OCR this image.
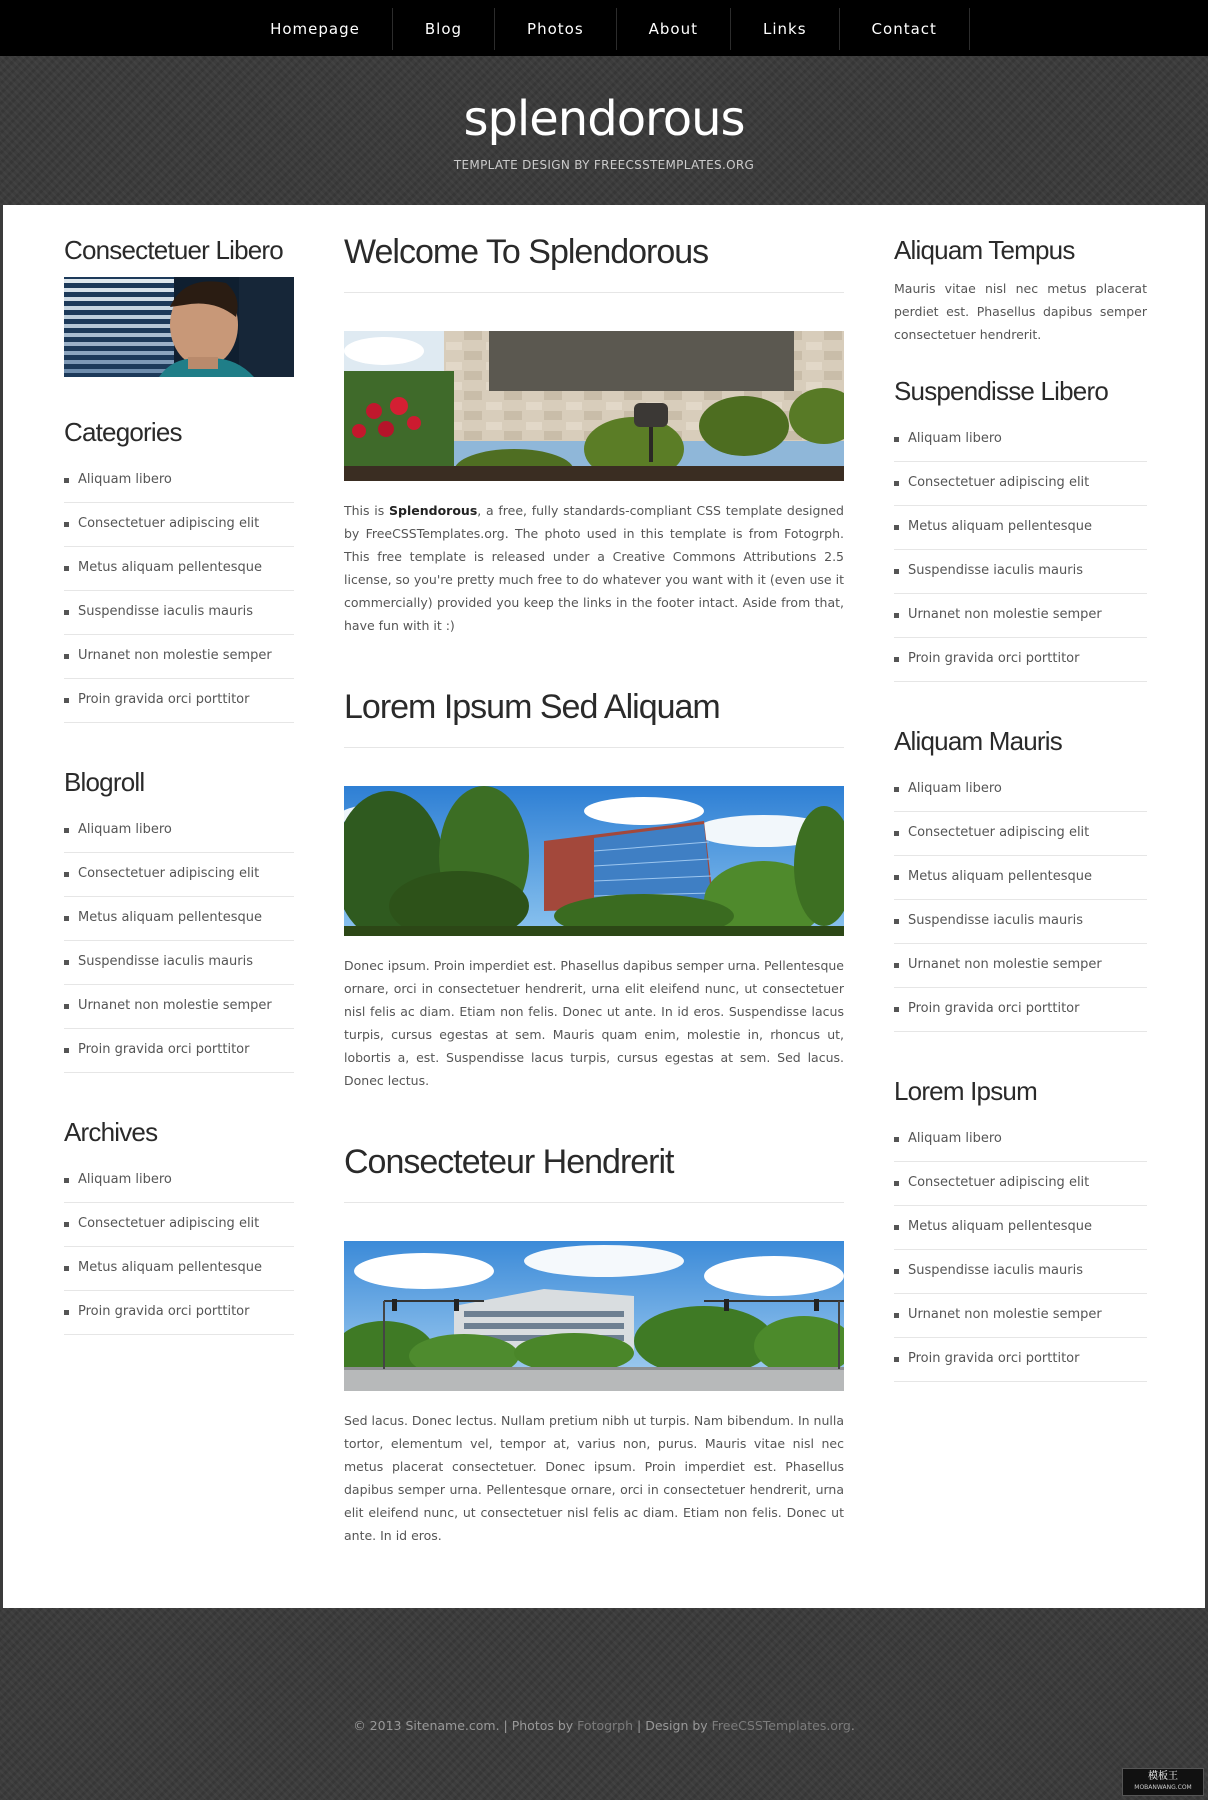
Homepage	Blog	Photos	About	Links	Contact
splendorous
TEMPLATE DESIGN BY FREECSSTEMPLATES.ORG
Consectetuer Libero
Categories
Aliquam libero
Consectetuer adipiscing elit
Metus aliquam pellentesque
Suspendisse iaculis mauris
Urnanet non molestie semper
Proin gravida orci porttitor
Blogroll
Aliquam libero
Consectetuer adipiscing elit
Metus aliquam pellentesque
Suspendisse iaculis mauris
Urnanet non molestie semper
Proin gravida orci porttitor
Archives
Aliquam libero
Consectetuer adipiscing elit
Metus aliquam pellentesque
Proin gravida orci porttitor
Welcome To Splendorous

This is Splendorous, a free, fully standards-compliant CSS template designed by FreeCSSTemplates.org. The photo used in this template is from Fotogrph. This free template is released under a Creative Commons Attributions 2.5 license, so you're pretty much free to do whatever you want with it (even use it commercially) provided you keep the links in the footer intact. Aside from that, have fun with it :)

Lorem Ipsum Sed Aliquam

Donec ipsum. Proin imperdiet est. Phasellus dapibus semper urna. Pellentesque ornare, orci in consectetuer hendrerit, urna elit eleifend nunc, ut consectetuer nisl felis ac diam. Etiam non felis. Donec ut ante. In id eros. Suspendisse lacus turpis, cursus egestas at sem. Mauris quam enim, molestie in, rhoncus ut, lobortis a, est. Suspendisse lacus turpis, cursus egestas at sem. Sed lacus. Donec lectus.

Consecteteur Hendrerit

Sed lacus. Donec lectus. Nullam pretium nibh ut turpis. Nam bibendum. In nulla tortor, elementum vel, tempor at, varius non, purus. Mauris vitae nisl nec metus placerat consectetuer. Donec ipsum. Proin imperdiet est. Phasellus dapibus semper urna. Pellentesque ornare, orci in consectetuer hendrerit, urna elit eleifend nunc, ut consectetuer nisl felis ac diam. Etiam non felis. Donec ut ante. In id eros.

Aliquam Tempus

Mauris vitae nisl nec metus placerat perdiet est. Phasellus dapibus semper consectetuer hendrerit.

Suspendisse Libero
Aliquam libero
Consectetuer adipiscing elit
Metus aliquam pellentesque
Suspendisse iaculis mauris
Urnanet non molestie semper
Proin gravida orci porttitor
Aliquam Mauris
Aliquam libero
Consectetuer adipiscing elit
Metus aliquam pellentesque
Suspendisse iaculis mauris
Urnanet non molestie semper
Proin gravida orci porttitor
Lorem Ipsum
Aliquam libero
Consectetuer adipiscing elit
Metus aliquam pellentesque
Suspendisse iaculis mauris
Urnanet non molestie semper
Proin gravida orci porttitor
© 2013 Sitename.com. | Photos by Fotogrph | Design by FreeCSSTemplates.org.
模板王
MOBANWANG.COM
